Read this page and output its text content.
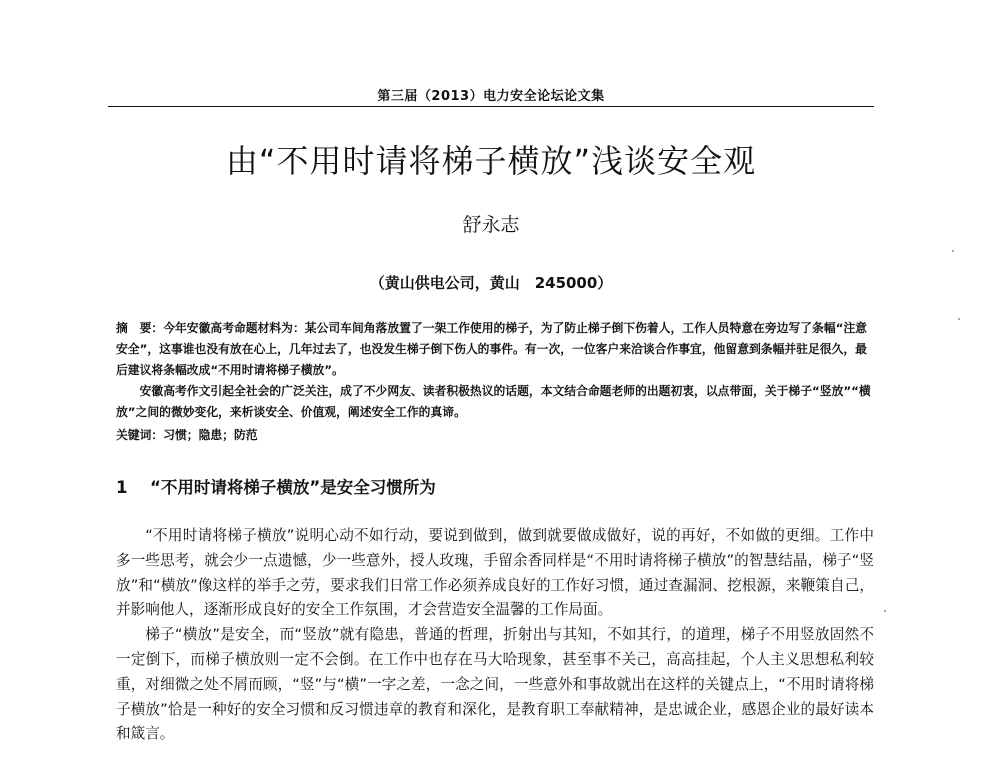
第三届（2013）电力安全论坛论文集
由“不用时请将梯子横放”浅谈安全观
舒永志
（黄山供电公司，黄山　245000）

摘　要：今年安徽高考命题材料为：某公司车间角落放置了一架工作使用的梯子，为了防止梯子倒下伤着人，工作人员特意在旁边写了条幅“注意安全”，这事谁也没有放在心上，几年过去了，也没发生梯子倒下伤人的事件。有一次，一位客户来洽谈合作事宜，他留意到条幅并驻足很久，最后建议将条幅改成“不用时请将梯子横放”。

安徽高考作文引起全社会的广泛关注，成了不少网友、读者积极热议的话题，本文结合命题老师的出题初衷，以点带面，关于梯子“竖放”“横放”之间的微妙变化，来析谈安全、价值观，阐述安全工作的真谛。

关键词：习惯；隐患；防范
1 “不用时请将梯子横放”是安全习惯所为

“不用时请将梯子横放”说明心动不如行动，要说到做到，做到就要做成做好，说的再好，不如做的更细。工作中多一些思考，就会少一点遗憾，少一些意外，授人玫瑰，手留余香同样是“不用时请将梯子横放”的智慧结晶，梯子“竖放”和“横放”像这样的举手之劳，要求我们日常工作必须养成良好的工作好习惯，通过查漏洞、挖根源，来鞭策自己，并影响他人，逐渐形成良好的安全工作氛围，才会营造安全温馨的工作局面。

梯子“横放”是安全，而“竖放”就有隐患，普通的哲理，折射出与其知，不如其行，的道理，梯子不用竖放固然不一定倒下，而梯子横放则一定不会倒。在工作中也存在马大哈现象，甚至事不关己，高高挂起，个人主义思想私利较重，对细微之处不屑而顾，“竖”与“横”一字之差，一念之间，一些意外和事故就出在这样的关键点上，“不用时请将梯子横放”恰是一种好的安全习惯和反习惯违章的教育和深化，是教育职工奉献精神，是忠诚企业，感恩企业的最好读本和箴言。
